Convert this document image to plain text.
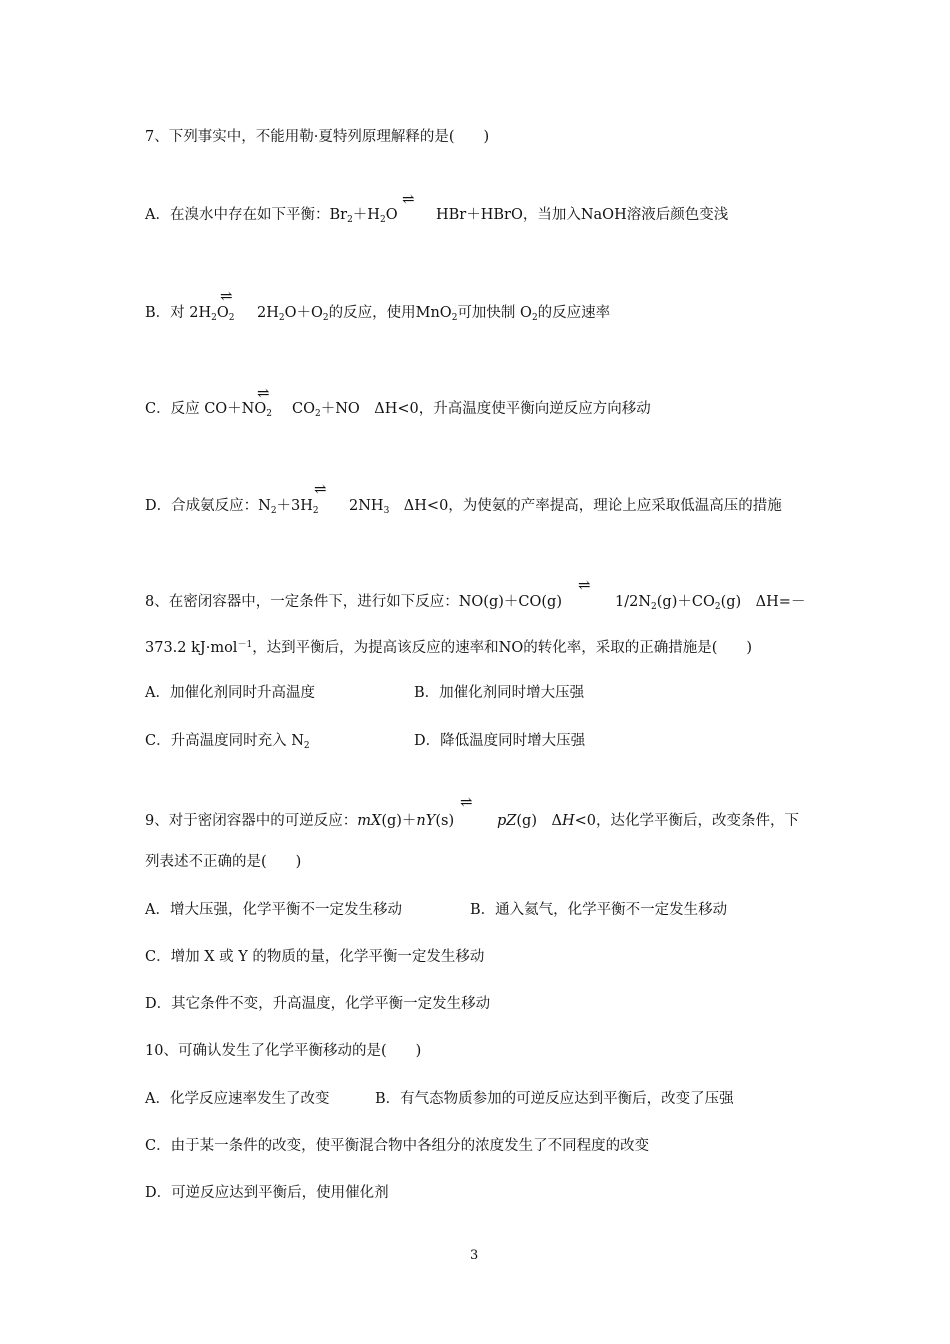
7、下列事实中，不能用勒·夏特列原理解释的是(　　)
⇌
A．在溴水中存在如下平衡：$Br_2+H_2O$	HBr＋HBrO，当加入NaOH溶液后颜色变浅
⇌
B．对 $2H_2O_2$ $2H_2O+O_2$的反应，使用MnO$_2$可加快制 $O_2$的反应速率
⇌
C．反应 $CO+NO_2$ $CO_2+NO$　ΔH<0，升高温度使平衡向逆反应方向移动
⇌
D．合成氨反应：$N_2+3H_2$ $2NH_3$　ΔH<0，为使氨的产率提高，理论上应采取低温高压的措施
⇌
8、在密闭容器中，一定条件下，进行如下反应：NO(g)＋CO(g)	$1/2N_2(g)+CO_2(g)$　ΔH=－
373.2 kJ·mol$^{-1}$，达到平衡后，为提高该反应的速率和NO的转化率，采取的正确措施是(　　)
A．加催化剂同时升高温度	B．加催化剂同时增大压强
C．升高温度同时充入 $N_2$	D．降低温度同时增大压强
⇌
9、对于密闭容器中的可逆反应：mX(g)＋nY(s)	pZ(g)　ΔH<0，达化学平衡后，改变条件，下
列表述不正确的是(　　)
A．增大压强，化学平衡不一定发生移动	B．通入氦气，化学平衡不一定发生移动
C．增加 X 或 Y 的物质的量，化学平衡一定发生移动
D．其它条件不变，升高温度，化学平衡一定发生移动
10、可确认发生了化学平衡移动的是(　　)
A．化学反应速率发生了改变	B．有气态物质参加的可逆反应达到平衡后，改变了压强
C．由于某一条件的改变，使平衡混合物中各组分的浓度发生了不同程度的改变
D．可逆反应达到平衡后，使用催化剂
3
